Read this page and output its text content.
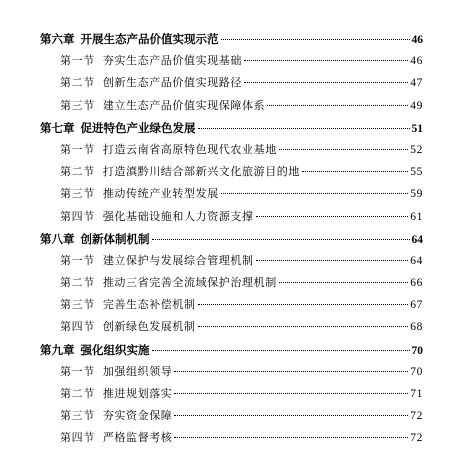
第六章 开展生态产品价值实现示范	46
第一节 夯实生态产品价值实现基础	46
第二节 创新生态产品价值实现路径	47
第三节 建立生态产品价值实现保障体系	49
第七章 促进特色产业绿色发展	51
第一节 打造云南省高原特色现代农业基地	52
第二节 打造滇黔川结合部新兴文化旅游目的地	55
第三节 推动传统产业转型发展	59
第四节 强化基础设施和人力资源支撑	61
第八章 创新体制机制	64
第一节 建立保护与发展综合管理机制	64
第二节 推动三省完善全流域保护治理机制	66
第三节 完善生态补偿机制	67
第四节 创新绿色发展机制	68
第九章 强化组织实施	70
第一节 加强组织领导	70
第二节 推进规划落实	71
第三节 夯实资金保障	72
第四节 严格监督考核	72
